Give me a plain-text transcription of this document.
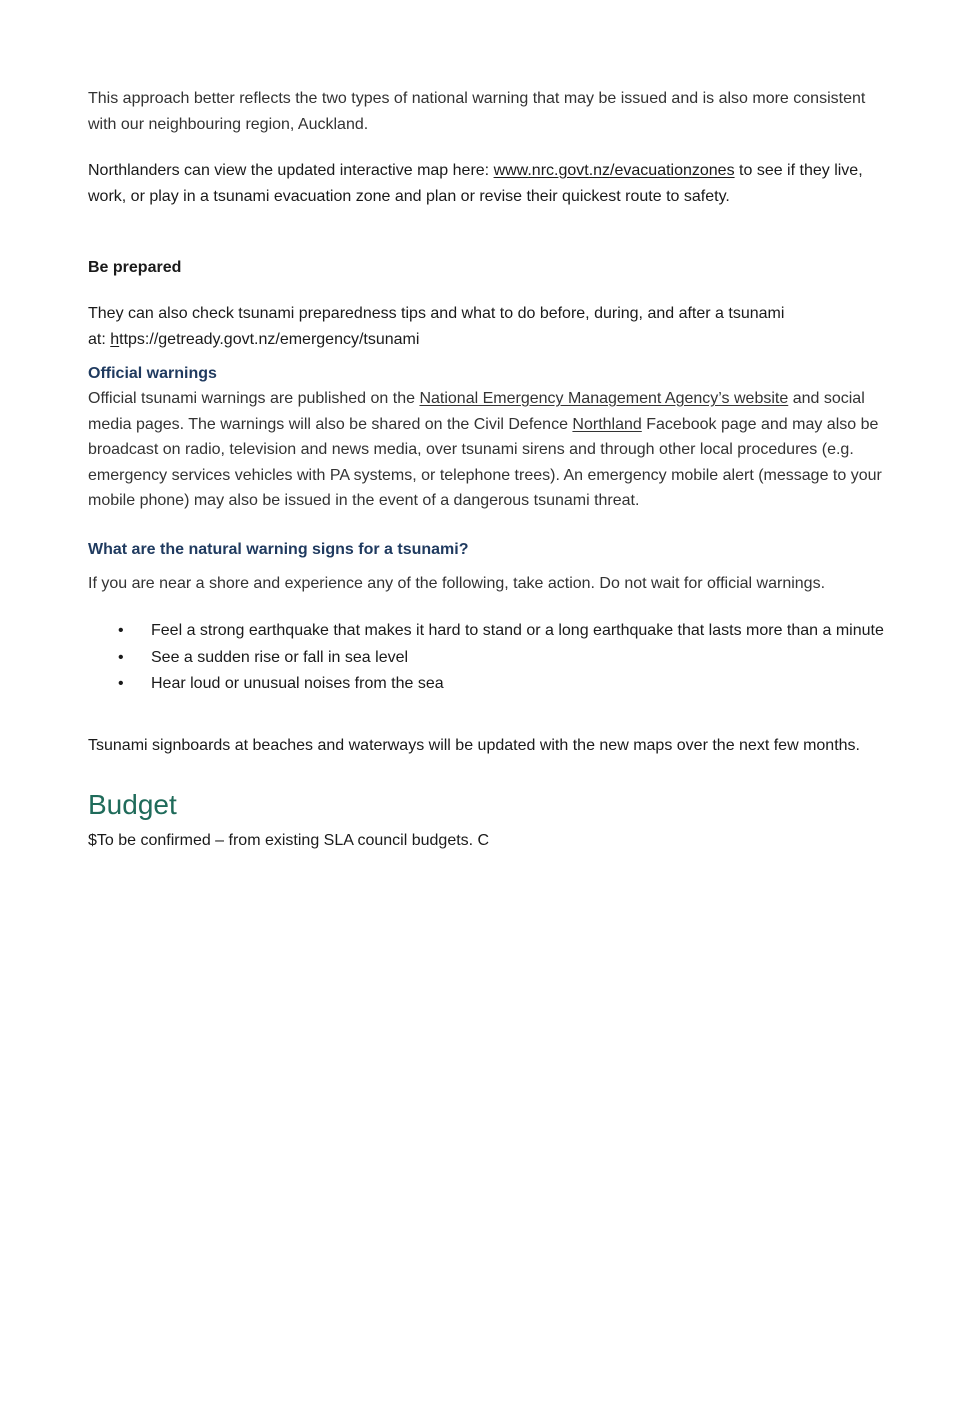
This approach better reflects the two types of national warning that may be issued and is also more consistent with our neighbouring region, Auckland.

Northlanders can view the updated interactive map here: www.nrc.govt.nz/evacuationzones to see if they live, work, or play in a tsunami evacuation zone and plan or revise their quickest route to safety.

Be prepared

They can also check tsunami preparedness tips and what to do before, during, and after a tsunami
at: https://getready.govt.nz/emergency/tsunami

Official warnings

Official tsunami warnings are published on the National Emergency Management Agency’s website and social media pages. The warnings will also be shared on the Civil Defence Northland Facebook page and may also be broadcast on radio, television and news media, over tsunami sirens and through other local procedures (e.g. emergency services vehicles with PA systems, or telephone trees). An emergency mobile alert (message to your mobile phone) may also be issued in the event of a dangerous tsunami threat.

What are the natural warning signs for a tsunami?

If you are near a shore and experience any of the following, take action. Do not wait for official warnings.

• Feel a strong earthquake that makes it hard to stand or a long earthquake that lasts more than a minute
• See a sudden rise or fall in sea level
• Hear loud or unusual noises from the sea

Tsunami signboards at beaches and waterways will be updated with the new maps over the next few months.

Budget

$To be confirmed – from existing SLA council budgets. C
